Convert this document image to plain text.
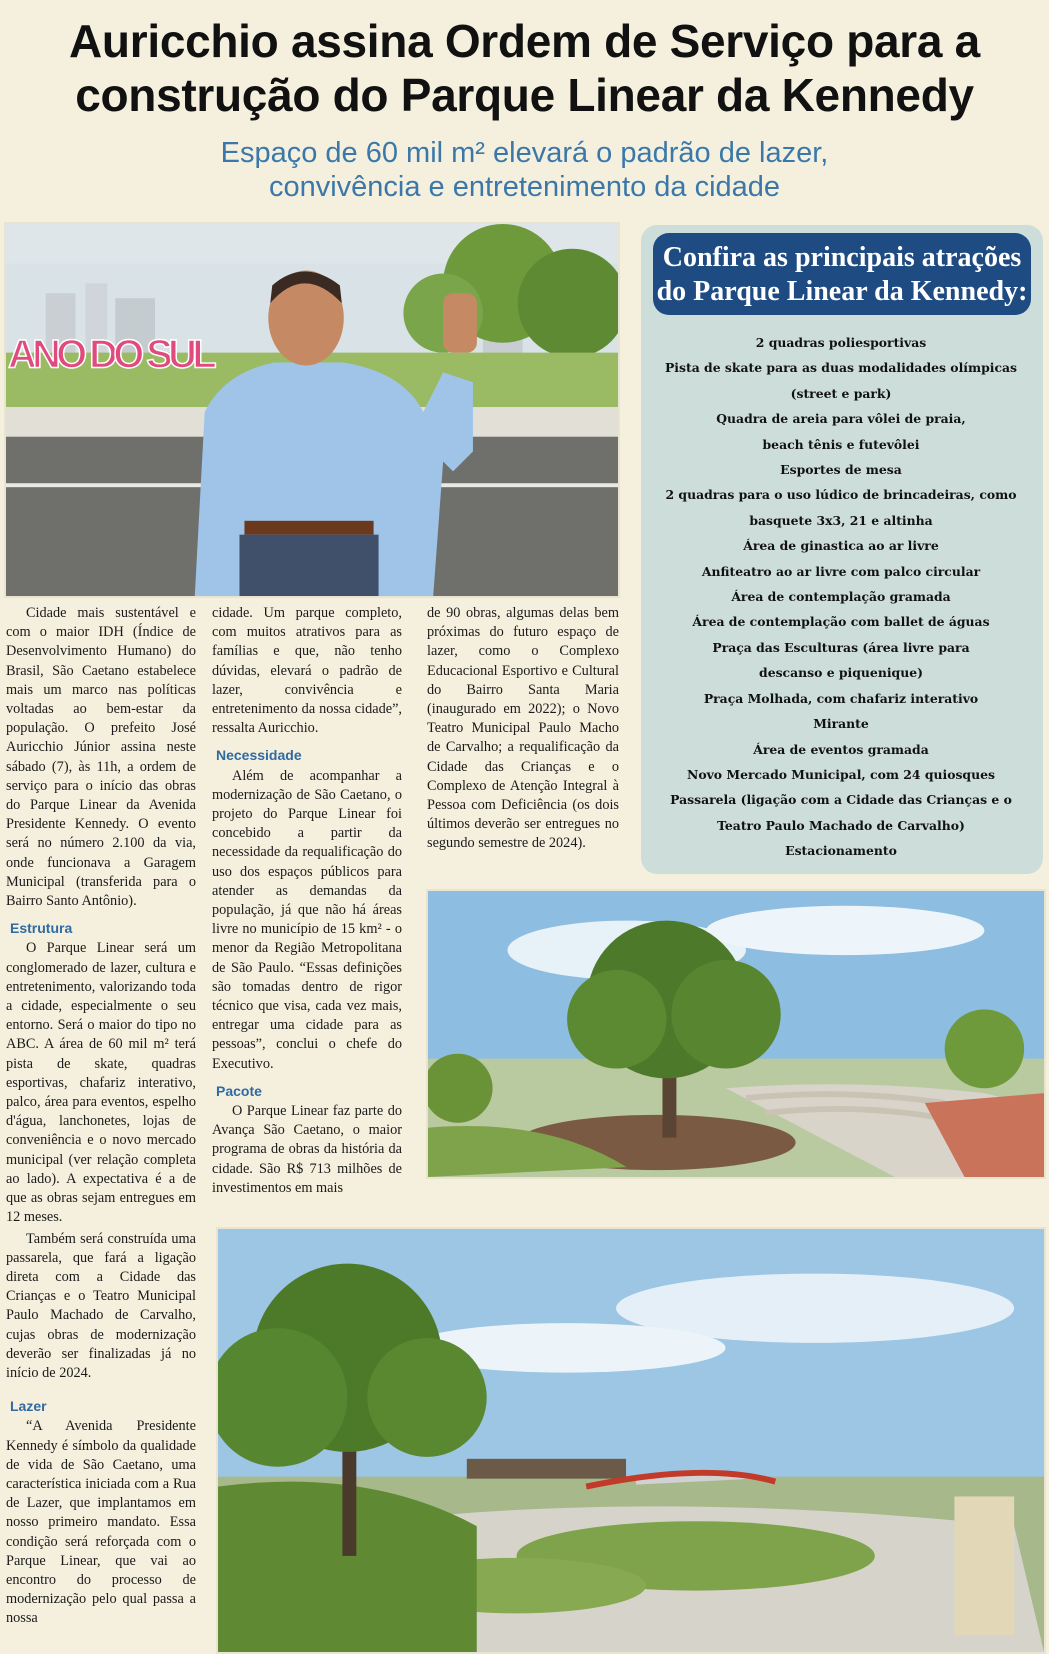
Auricchio assina Ordem de Serviço para a
construção do Parque Linear da Kennedy
Espaço de 60 mil m² elevará o padrão de lazer,
convivência e entretenimento da cidade
ANO DO SUL

Cidade mais sustentável e com o maior IDH (Índice de Desenvolvimento Humano) do Brasil, São Caetano estabelece mais um marco nas políticas voltadas ao bem-estar da população. O prefeito José Auricchio Júnior assina neste sábado (7), às 11h, a ordem de serviço para o início das obras do Parque Linear da Avenida Presidente Kennedy. O evento será no número 2.100 da via, onde funcionava a Garagem Municipal (transferida para o Bairro Santo Antônio).

Estrutura

O Parque Linear será um conglomerado de lazer, cultura e entretenimento, valorizando toda a cidade, especialmente o seu entorno. Será o maior do tipo no ABC. A área de 60 mil m² terá pista de skate, quadras esportivas, chafariz interativo, palco, área para eventos, espelho d'água, lanchonetes, lojas de conveniência e o novo mercado municipal (ver relação completa ao lado). A expectativa é a de que as obras sejam entregues em 12 meses.

Também será construída uma passarela, que fará a ligação direta com a Cidade das Crianças e o Teatro Municipal Paulo Machado de Carvalho, cujas obras de modernização deverão ser finalizadas já no início de 2024.

Lazer

“A Avenida Presidente Kennedy é símbolo da qualidade de vida de São Caetano, uma característica iniciada com a Rua de Lazer, que implantamos em nosso primeiro mandato. Essa condição será reforçada com o Parque Linear, que vai ao encontro do processo de modernização pelo qual passa a nossa

cidade. Um parque completo, com muitos atrativos para as famílias e que, não tenho dúvidas, elevará o padrão de lazer, convivência e entretenimento da nossa cidade”, ressalta Auricchio.

Necessidade

Além de acompanhar a modernização de São Caetano, o projeto do Parque Linear foi concebido a partir da necessidade da requalificação do uso dos espaços públicos para atender as demandas da população, já que não há áreas livre no município de 15 km² - o menor da Região Metropolitana de São Paulo. “Essas definições são tomadas dentro de rigor técnico que visa, cada vez mais, entregar uma cidade para as pessoas”, conclui o chefe do Executivo.

Pacote

O Parque Linear faz parte do Avança São Caetano, o maior programa de obras da história da cidade. São R$ 713 milhões de investimentos em mais

de 90 obras, algumas delas bem próximas do futuro espaço de lazer, como o Complexo Educacional Esportivo e Cultural do Bairro Santa Maria (inaugurado em 2022); o Novo Teatro Municipal Paulo Macho de Carvalho; a requalificação da Cidade das Crianças e o Complexo de Atenção Integral à Pessoa com Deficiência (os dois últimos deverão ser entregues no segundo semestre de 2024).

Confira as principais atrações
do Parque Linear da Kennedy:
2 quadras poliesportivas
Pista de skate para as duas modalidades olímpicas
(street e park)
Quadra de areia para vôlei de praia,
beach tênis e futevôlei
Esportes de mesa
2 quadras para o uso lúdico de brincadeiras, como
basquete 3x3, 21 e altinha
Área de ginastica ao ar livre
Anfiteatro ao ar livre com palco circular
Área de contemplação gramada
Área de contemplação com ballet de águas
Praça das Esculturas (área livre para
descanso e piquenique)
Praça Molhada, com chafariz interativo
Mirante
Área de eventos gramada
Novo Mercado Municipal, com 24 quiosques
Passarela (ligação com a Cidade das Crianças e o
Teatro Paulo Machado de Carvalho)
Estacionamento
